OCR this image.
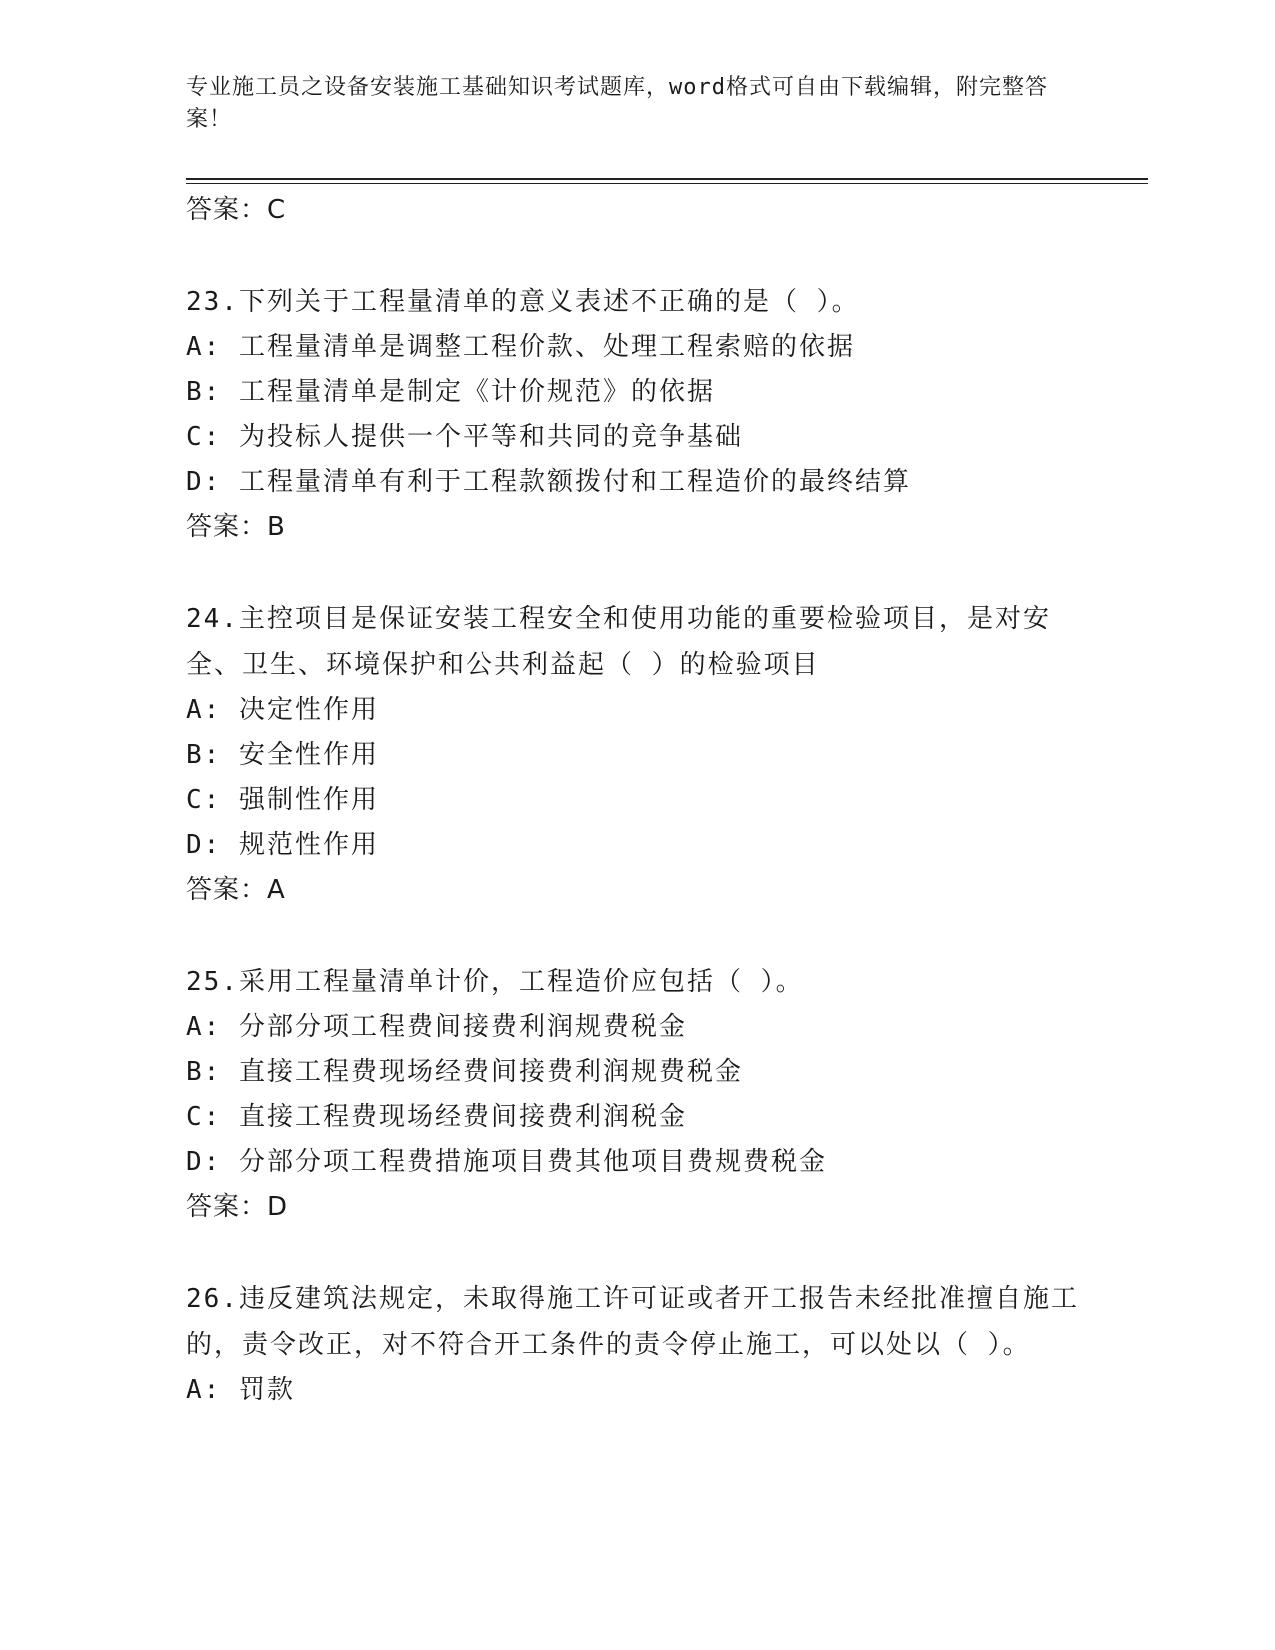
专业施工员之设备安装施工基础知识考试题库，word格式可自由下载编辑，附完整答案！
答案：C
23.下列关于工程量清单的意义表述不正确的是（ ）。
A: 工程量清单是调整工程价款、处理工程索赔的依据
B: 工程量清单是制定《计价规范》的依据
C: 为投标人提供一个平等和共同的竞争基础
D: 工程量清单有利于工程款额拨付和工程造价的最终结算
答案：B
24.主控项目是保证安装工程安全和使用功能的重要检验项目，是对安全、卫生、环境保护和公共利益起（ ）的检验项目
A: 决定性作用
B: 安全性作用
C: 强制性作用
D: 规范性作用
答案：A
25.采用工程量清单计价，工程造价应包括（ ）。
A: 分部分项工程费间接费利润规费税金
B: 直接工程费现场经费间接费利润规费税金
C: 直接工程费现场经费间接费利润税金
D: 分部分项工程费措施项目费其他项目费规费税金
答案：D
26.违反建筑法规定，未取得施工许可证或者开工报告未经批准擅自施工的，责令改正，对不符合开工条件的责令停止施工，可以处以（ ）。
A: 罚款
